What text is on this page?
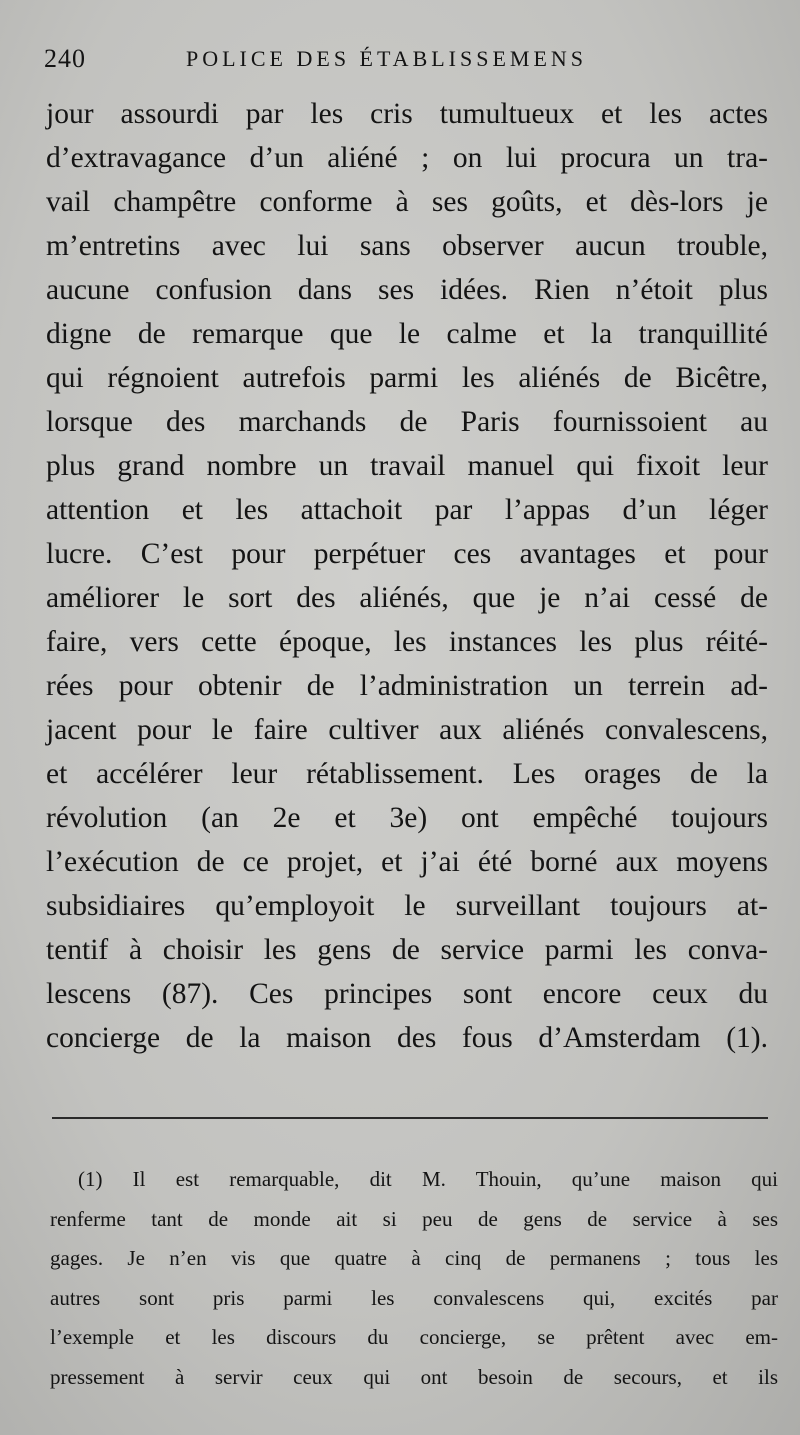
240	POLICE DES ÉTABLISSEMENS
jour assourdi par les cris tumultueux et les actes
d’extravagance d’un aliéné ; on lui procura un tra-
vail champêtre conforme à ses goûts, et dès-lors je
m’entretins avec lui sans observer aucun trouble,
aucune confusion dans ses idées. Rien n’étoit plus
digne de remarque que le calme et la tranquillité
qui régnoient autrefois parmi les aliénés de Bicêtre,
lorsque des marchands de Paris fournissoient au
plus grand nombre un travail manuel qui fixoit leur
attention et les attachoit par l’appas d’un léger
lucre. C’est pour perpétuer ces avantages et pour
améliorer le sort des aliénés, que je n’ai cessé de
faire, vers cette époque, les instances les plus réité-
rées pour obtenir de l’administration un terrein ad-
jacent pour le faire cultiver aux aliénés convalescens,
et accélérer leur rétablissement. Les orages de la
révolution (an 2e et 3e) ont empêché toujours
l’exécution de ce projet, et j’ai été borné aux moyens
subsidiaires qu’employoit le surveillant toujours at-
tentif à choisir les gens de service parmi les conva-
lescens (87). Ces principes sont encore ceux du
concierge de la maison des fous d’Amsterdam (1).
(1) Il est remarquable, dit M. Thouin, qu’une maison qui
renferme tant de monde ait si peu de gens de service à ses
gages. Je n’en vis que quatre à cinq de permanens ; tous les
autres sont pris parmi les convalescens qui, excités par
l’exemple et les discours du concierge, se prêtent avec em-
pressement à servir ceux qui ont besoin de secours, et ils
